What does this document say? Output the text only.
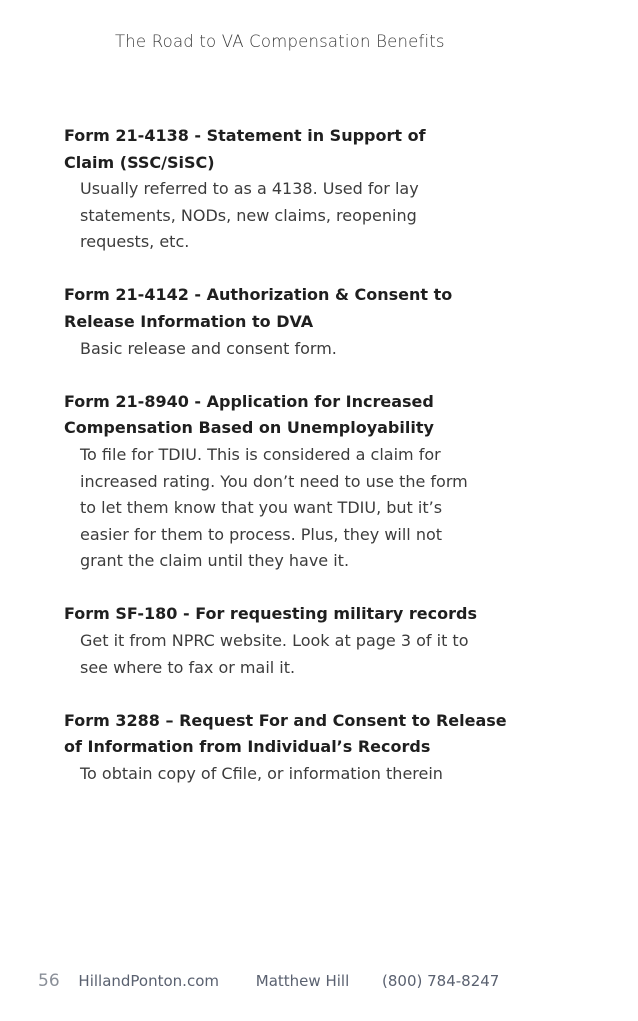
The Road to VA Compensation Benefits

Form 21-4138 - Statement in Support of
Claim (SSC/SiSC)

Usually referred to as a 4138. Used for lay
statements, NODs, new claims, reopening
requests, etc.

Form 21-4142 - Authorization & Consent to
Release Information to DVA

Basic release and consent form.

Form 21-8940 - Application for Increased
Compensation Based on Unemployability

To file for TDIU. This is considered a claim for
increased rating. You don’t need to use the form
to let them know that you want TDIU, but it’s
easier for them to process. Plus, they will not
grant the claim until they have it.

Form SF-180 - For requesting military records

Get it from NPRC website. Look at page 3 of it to
see where to fax or mail it.

Form 3288 – Request For and Consent to Release
of Information from Individual’s Records

To obtain copy of Cfile, or information therein

56 HillandPonton.com Matthew Hill (800) 784-8247
